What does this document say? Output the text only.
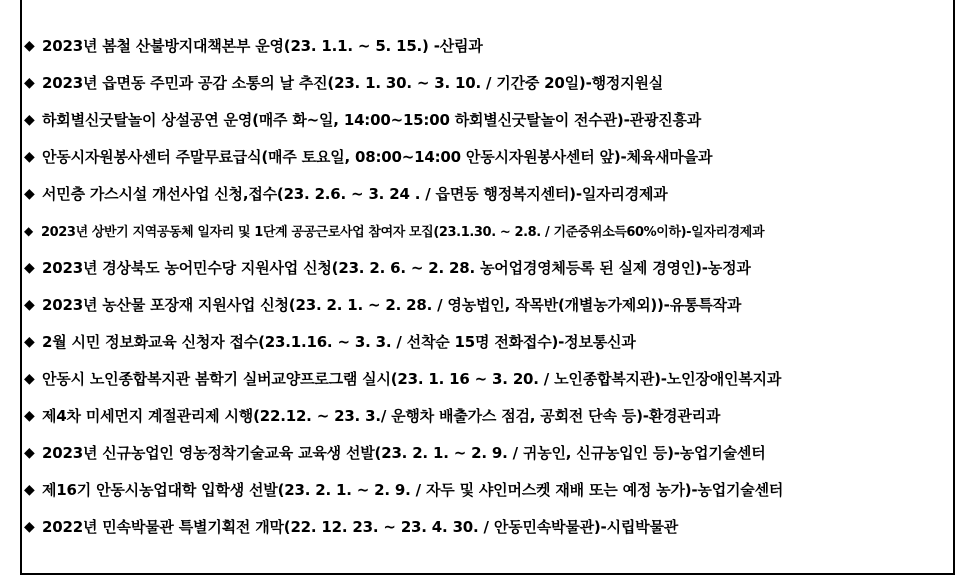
◆ 2023년 봄철 산불방지대책본부 운영(23. 1.1. ~ 5. 15.) -산림과
◆ 2023년 읍면동 주민과 공감 소통의 날 추진(23. 1. 30. ~ 3. 10. / 기간중 20일)-행정지원실
◆ 하회별신굿탈놀이 상설공연 운영(매주 화~일, 14:00~15:00 하회별신굿탈놀이 전수관)-관광진흥과
◆ 안동시자원봉사센터 주말무료급식(매주 토요일, 08:00~14:00 안동시자원봉사센터 앞)-체육새마을과
◆ 서민층 가스시설 개선사업 신청,접수(23. 2.6. ~ 3. 24 . / 읍면동 행정복지센터)-일자리경제과
◆ 2023년 상반기 지역공동체 일자리 및 1단계 공공근로사업 참여자 모집(23.1.30. ~ 2.8. / 기준중위소득60%이하)-일자리경제과
◆ 2023년 경상북도 농어민수당 지원사업 신청(23. 2. 6. ~ 2. 28. 농어업경영체등록 된 실제 경영인)-농정과
◆ 2023년 농산물 포장재 지원사업 신청(23. 2. 1. ~ 2. 28. / 영농법인, 작목반(개별농가제외))-유통특작과
◆ 2월 시민 정보화교육 신청자 접수(23.1.16. ~ 3. 3. / 선착순 15명 전화접수)-정보통신과
◆ 안동시 노인종합복지관 봄학기 실버교양프로그램 실시(23. 1. 16 ~ 3. 20. / 노인종합복지관)-노인장애인복지과
◆ 제4차 미세먼지 계절관리제 시행(22.12. ~ 23. 3./ 운행차 배출가스 점검, 공회전 단속 등)-환경관리과
◆ 2023년 신규농업인 영농정착기술교육 교육생 선발(23. 2. 1. ~ 2. 9. / 귀농인, 신규농입인 등)-농업기술센터
◆ 제16기 안동시농업대학 입학생 선발(23. 2. 1. ~ 2. 9. / 자두 및 샤인머스켓 재배 또는 예정 농가)-농업기술센터
◆ 2022년 민속박물관 특별기획전 개막(22. 12. 23. ~ 23. 4. 30. / 안동민속박물관)-시립박물관
